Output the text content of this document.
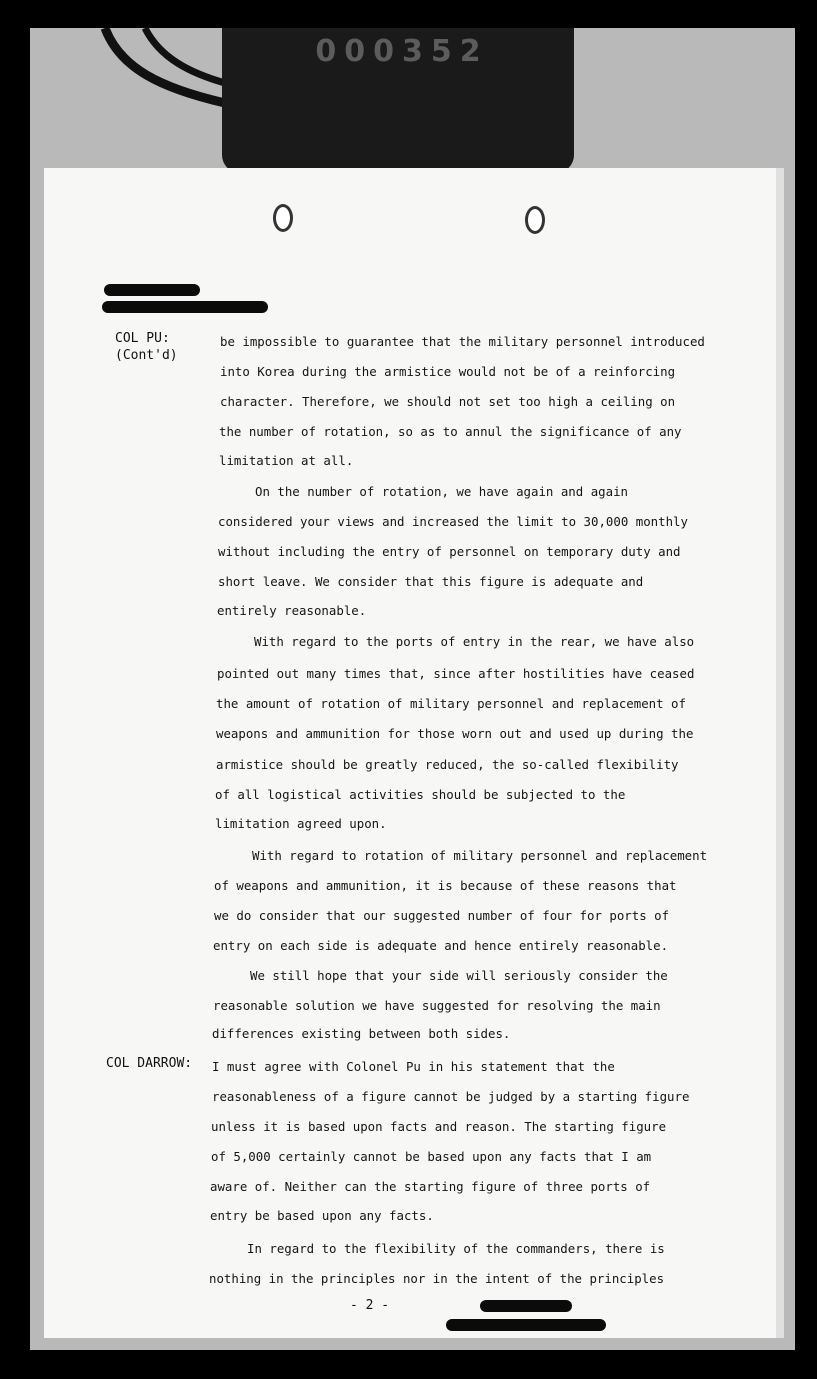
000352
COL PU:
(Cont'd)
COL DARROW:
be impossible to guarantee that the military personnel introduced
into Korea during the armistice would not be of a reinforcing
character. Therefore, we should not set too high a ceiling on
the number of rotation, so as to annul the significance of any
limitation at all.
On the number of rotation, we have again and again
considered your views and increased the limit to 30,000 monthly
without including the entry of personnel on temporary duty and
short leave. We consider that this figure is adequate and
entirely reasonable.
With regard to the ports of entry in the rear, we have also
pointed out many times that, since after hostilities have ceased
the amount of rotation of military personnel and replacement of
weapons and ammunition for those worn out and used up during the
armistice should be greatly reduced, the so-called flexibility
of all logistical activities should be subjected to the
limitation agreed upon.
With regard to rotation of military personnel and replacement
of weapons and ammunition, it is because of these reasons that
we do consider that our suggested number of four for ports of
entry on each side is adequate and hence entirely reasonable.
We still hope that your side will seriously consider the
reasonable solution we have suggested for resolving the main
differences existing between both sides.
I must agree with Colonel Pu in his statement that the
reasonableness of a figure cannot be judged by a starting figure
unless it is based upon facts and reason. The starting figure
of 5,000 certainly cannot be based upon any facts that I am
aware of. Neither can the starting figure of three ports of
entry be based upon any facts.
In regard to the flexibility of the commanders, there is
nothing in the principles nor in the intent of the principles
- 2 -
